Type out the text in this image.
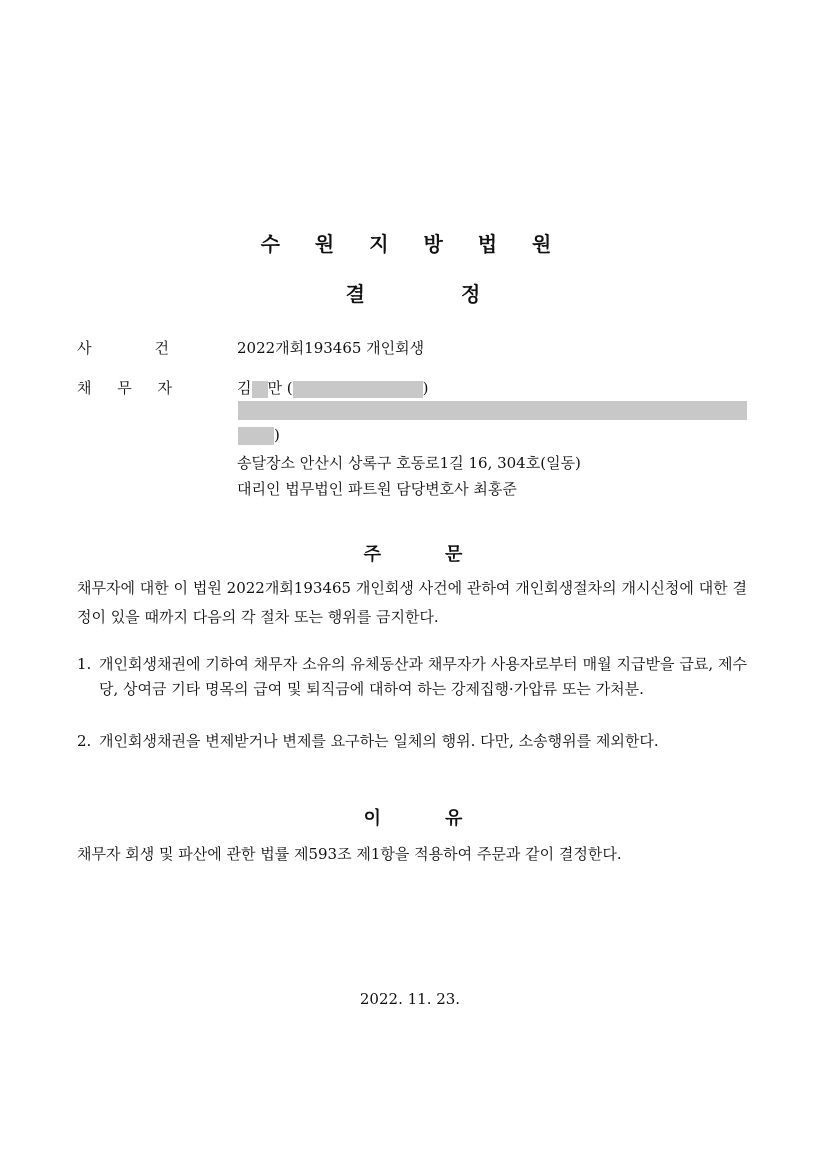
수 원 지 방 법 원
결	정
사	건	2022개회193465 개인회생
채 무 자	김 만 (	)
)
송달장소 안산시 상록구 호동로1길 16, 304호(일동)
대리인 법무법인 파트원 담당변호사 최홍준
주	문
채무자에 대한 이 법원 2022개회193465 개인회생 사건에 관하여 개인회생절차의 개시신청에 대한 결정이 있을 때까지 다음의 각 절차 또는 행위를 금지한다.
1. 개인회생채권에 기하여 채무자 소유의 유체동산과 채무자가 사용자로부터 매월 지급받을 급료, 제수당, 상여금 기타 명목의 급여 및 퇴직금에 대하여 하는 강제집행·가압류 또는 가처분.
2. 개인회생채권을 변제받거나 변제를 요구하는 일체의 행위. 다만, 소송행위를 제외한다.
이	유
채무자 회생 및 파산에 관한 법률 제593조 제1항을 적용하여 주문과 같이 결정한다.
2022. 11. 23.
